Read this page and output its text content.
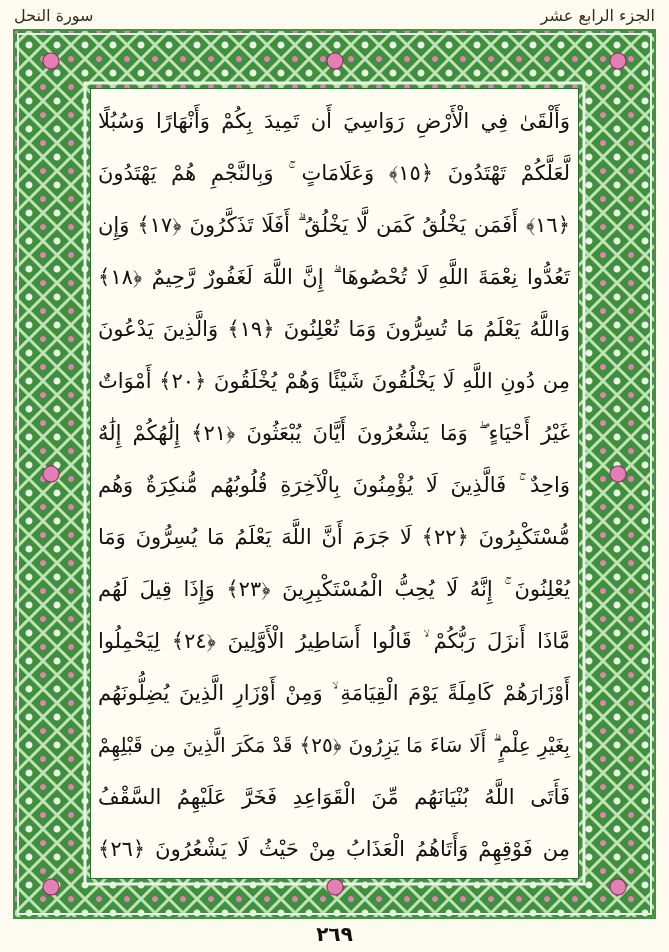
سورة النحل	الجزء الرابع عشر
وَأَلْقَىٰ فِي الْأَرْضِ رَوَاسِيَ أَن تَمِيدَ بِكُمْ وَأَنْهَارًا وَسُبُلًا
لَّعَلَّكُمْ تَهْتَدُونَ ﴿١٥﴾ وَعَلَامَاتٍ ۚ وَبِالنَّجْمِ هُمْ يَهْتَدُونَ
﴿١٦﴾ أَفَمَن يَخْلُقُ كَمَن لَّا يَخْلُقُ ۗ أَفَلَا تَذَكَّرُونَ ﴿١٧﴾ وَإِن
تَعُدُّوا نِعْمَةَ اللَّهِ لَا تُحْصُوهَا ۗ إِنَّ اللَّهَ لَغَفُورٌ رَّحِيمٌ ﴿١٨﴾
وَاللَّهُ يَعْلَمُ مَا تُسِرُّونَ وَمَا تُعْلِنُونَ ﴿١٩﴾ وَالَّذِينَ يَدْعُونَ
مِن دُونِ اللَّهِ لَا يَخْلُقُونَ شَيْئًا وَهُمْ يُخْلَقُونَ ﴿٢٠﴾ أَمْوَاتٌ
غَيْرُ أَحْيَاءٍ ۖ وَمَا يَشْعُرُونَ أَيَّانَ يُبْعَثُونَ ﴿٢١﴾ إِلَٰهُكُمْ إِلَٰهٌ
وَاحِدٌ ۚ فَالَّذِينَ لَا يُؤْمِنُونَ بِالْآخِرَةِ قُلُوبُهُم مُّنكِرَةٌ وَهُم
مُّسْتَكْبِرُونَ ﴿٢٢﴾ لَا جَرَمَ أَنَّ اللَّهَ يَعْلَمُ مَا يُسِرُّونَ وَمَا
يُعْلِنُونَ ۚ إِنَّهُ لَا يُحِبُّ الْمُسْتَكْبِرِينَ ﴿٢٣﴾ وَإِذَا قِيلَ لَهُم
مَّاذَا أَنزَلَ رَبُّكُمْ ۙ قَالُوا أَسَاطِيرُ الْأَوَّلِينَ ﴿٢٤﴾ لِيَحْمِلُوا
أَوْزَارَهُمْ كَامِلَةً يَوْمَ الْقِيَامَةِ ۙ وَمِنْ أَوْزَارِ الَّذِينَ يُضِلُّونَهُم
بِغَيْرِ عِلْمٍ ۗ أَلَا سَاءَ مَا يَزِرُونَ ﴿٢٥﴾ قَدْ مَكَرَ الَّذِينَ مِن قَبْلِهِمْ
فَأَتَى اللَّهُ بُنْيَانَهُم مِّنَ الْقَوَاعِدِ فَخَرَّ عَلَيْهِمُ السَّقْفُ
مِن فَوْقِهِمْ وَأَتَاهُمُ الْعَذَابُ مِنْ حَيْثُ لَا يَشْعُرُونَ ﴿٢٦﴾
٢٦٩
